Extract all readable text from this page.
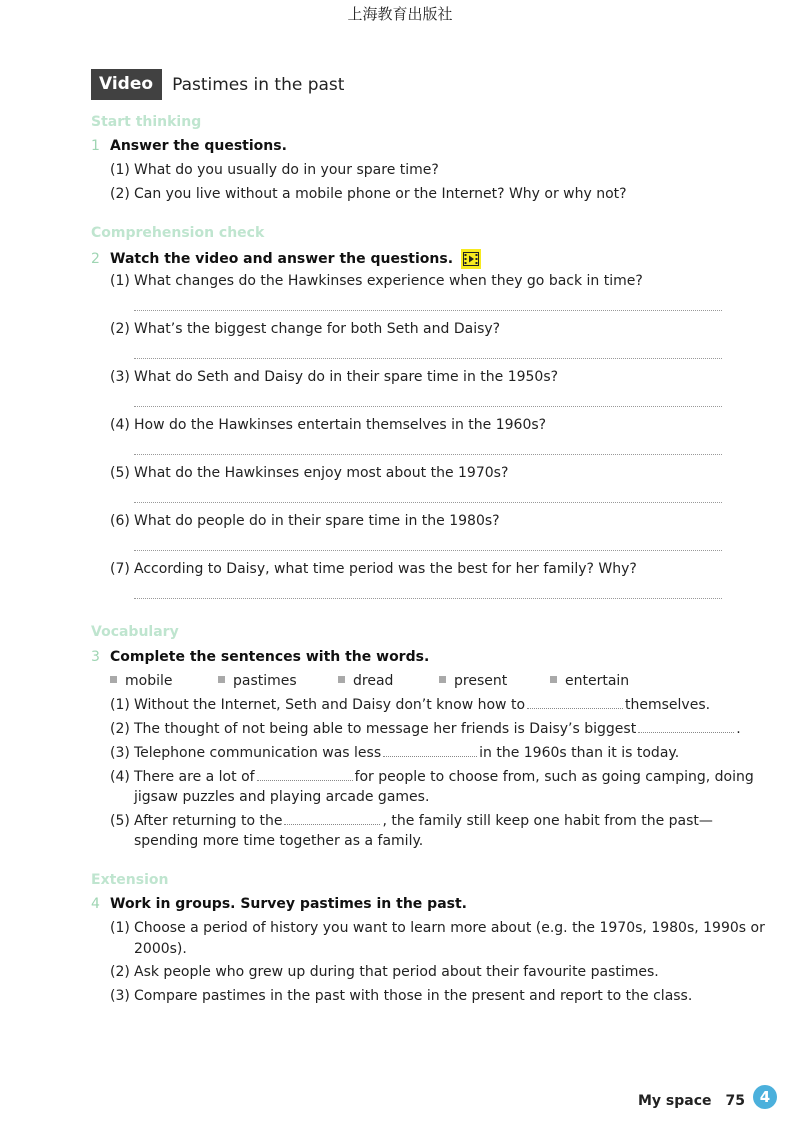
上海教育出版社
Video	Pastimes in the past
Start thinking
1 Answer the questions.
(1) What do you usually do in your spare time?
(2) Can you live without a mobile phone or the Internet? Why or why not?
Comprehension check
2 Watch the video and answer the questions.
(1) What changes do the Hawkinses experience when they go back in time?
(2) What’s the biggest change for both Seth and Daisy?
(3) What do Seth and Daisy do in their spare time in the 1950s?
(4) How do the Hawkinses entertain themselves in the 1960s?
(5) What do the Hawkinses enjoy most about the 1970s?
(6) What do people do in their spare time in the 1980s?
(7) According to Daisy, what time period was the best for her family? Why?
Vocabulary
3 Complete the sentences with the words.
mobile	pastimes	dread	present	entertain
(1) Without the Internet, Seth and Daisy don’t know how to	themselves.
(2) The thought of not being able to message her friends is Daisy’s biggest	.
(3) Telephone communication was less	in the 1960s than it is today.
(4) There are a lot of	for people to choose from, such as going camping, doing
jigsaw puzzles and playing arcade games.
(5) After returning to the	, the family still keep one habit from the past—
spending more time together as a family.
Extension
4 Work in groups. Survey pastimes in the past.
(1) Choose a period of history you want to learn more about (e.g. the 1970s, 1980s, 1990s or
2000s).
(2) Ask people who grew up during that period about their favourite pastimes.
(3) Compare pastimes in the past with those in the present and report to the class.
My space 75 4
